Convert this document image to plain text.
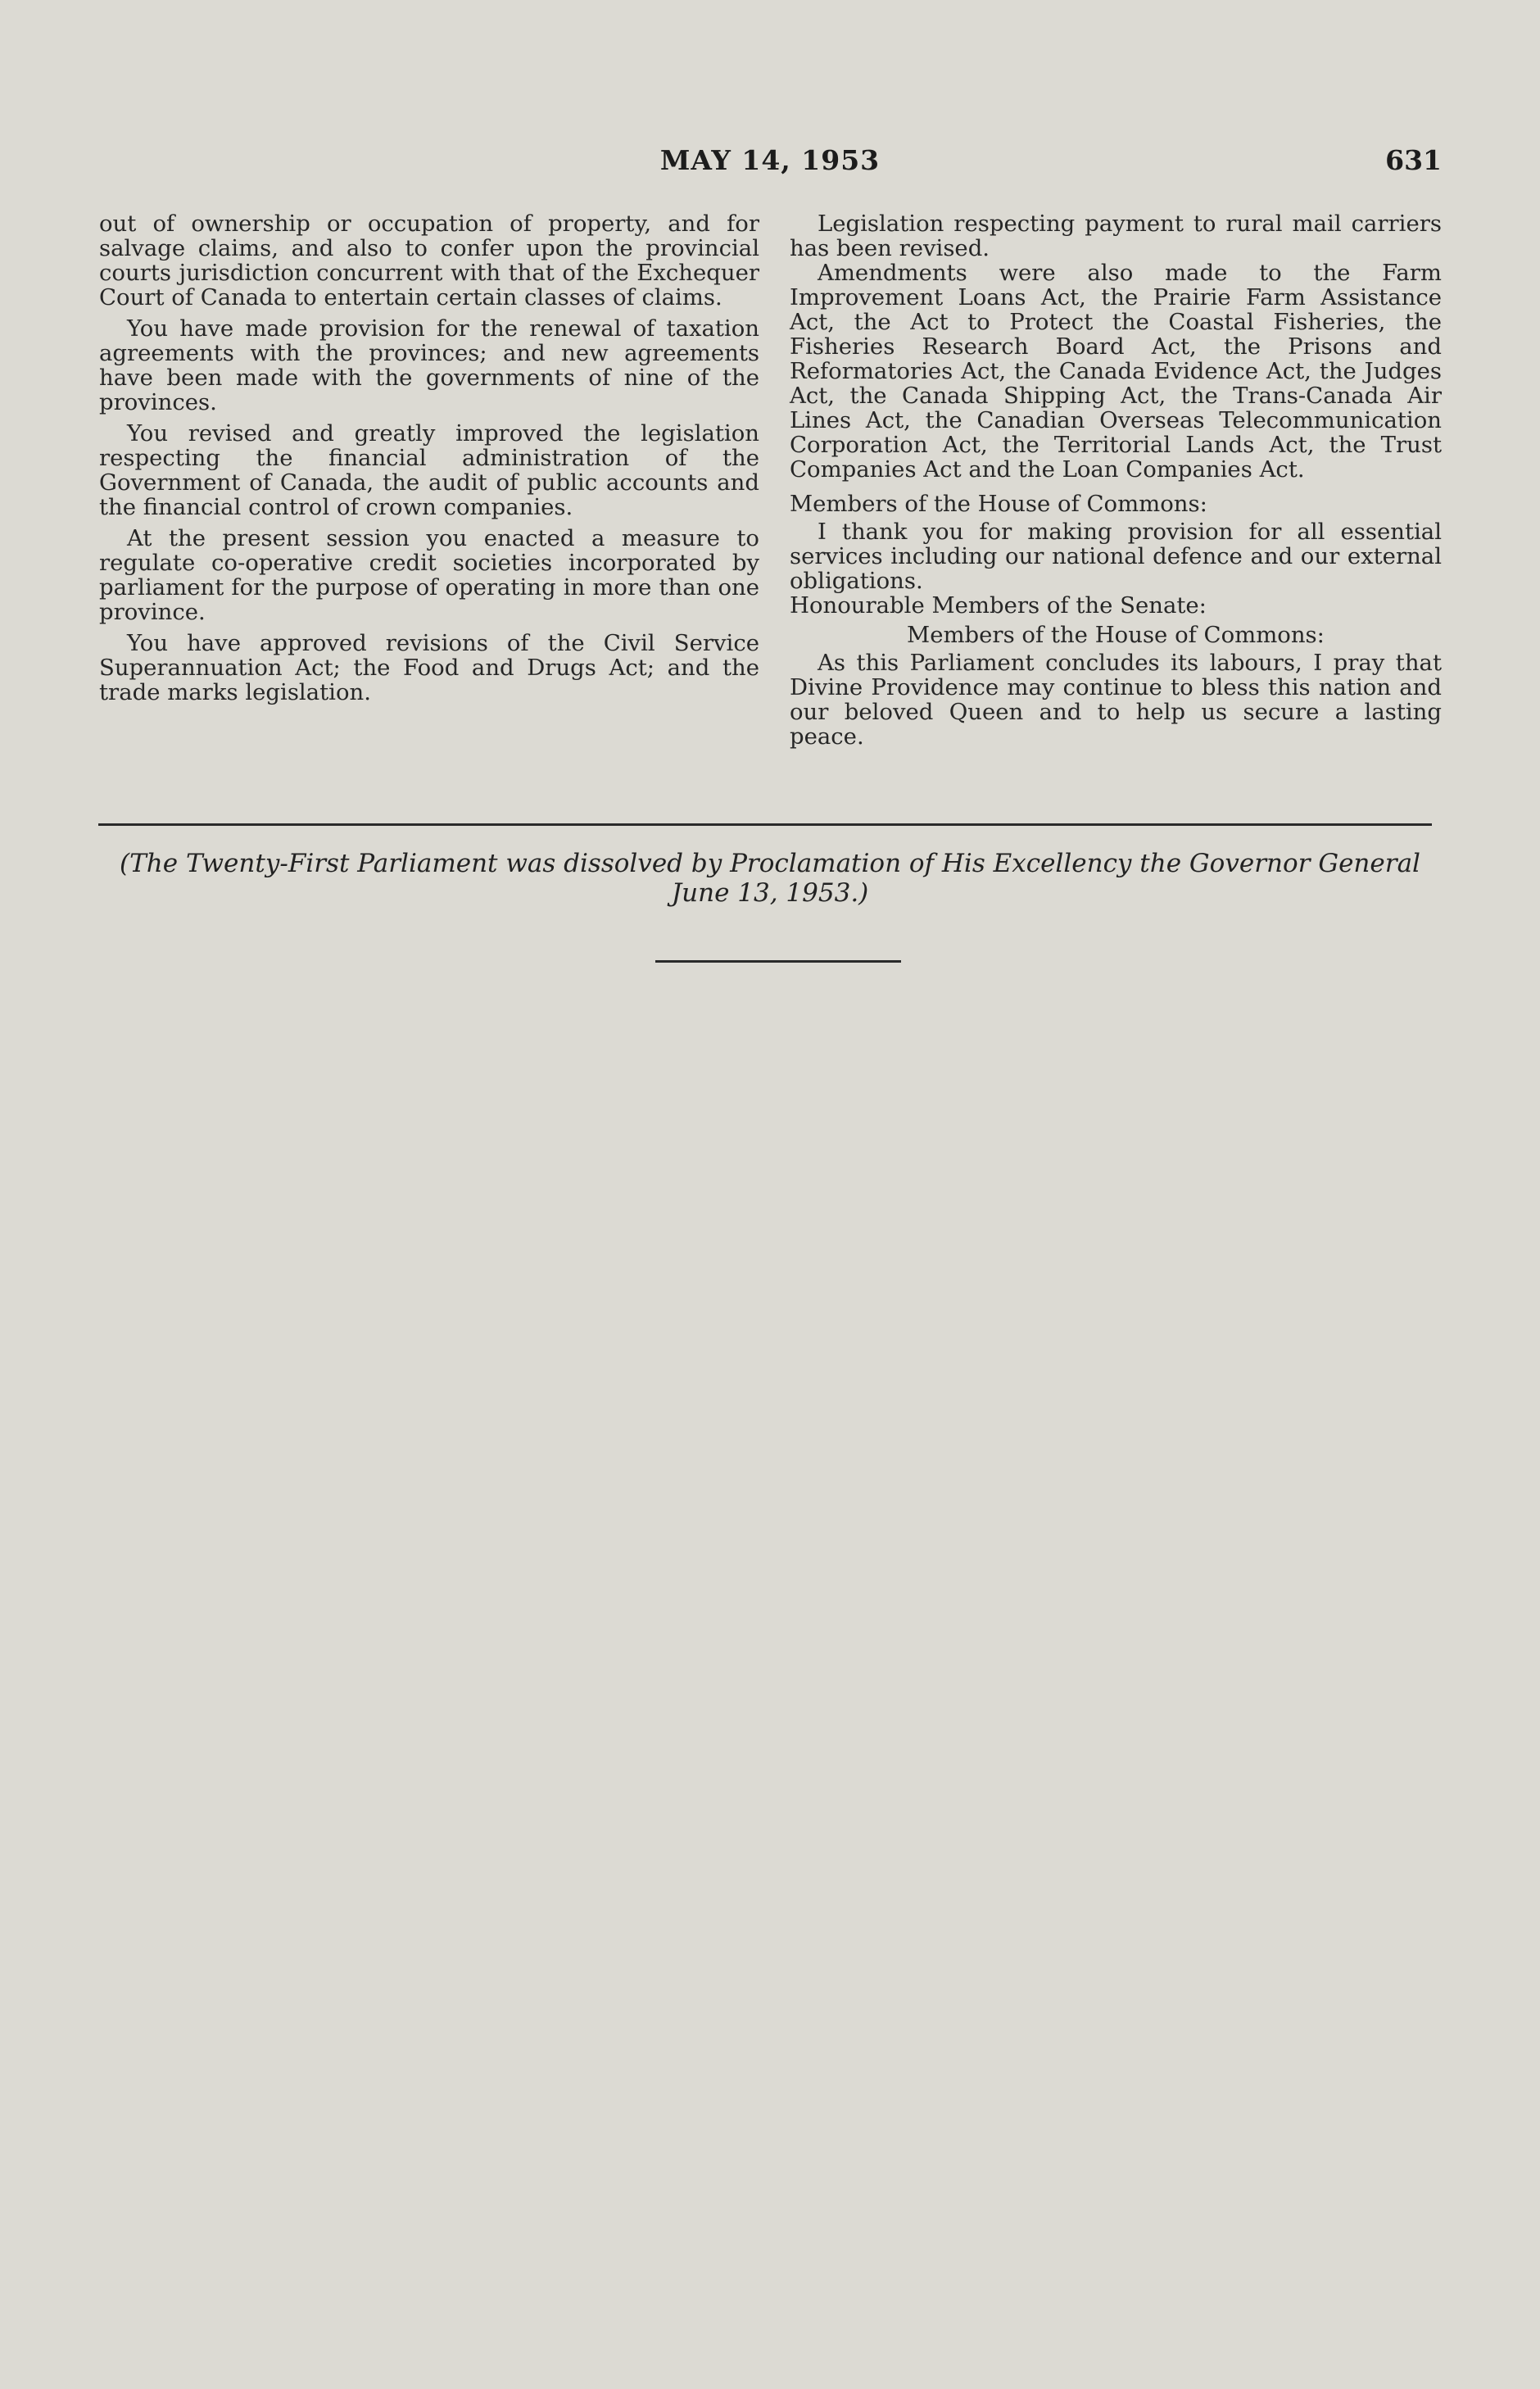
MAY 14, 1953	631

out of ownership or occupation of property, and for salvage claims, and also to confer upon the provincial courts jurisdiction concurrent with that of the Exchequer Court of Canada to entertain certain classes of claims.

You have made provision for the renewal of taxation agreements with the provinces; and new agreements have been made with the governments of nine of the provinces.

You revised and greatly improved the legislation respecting the financial administration of the Government of Canada, the audit of public accounts and the financial control of crown companies.

At the present session you enacted a measure to regulate co-operative credit societies incorporated by parliament for the purpose of operating in more than one province.

You have approved revisions of the Civil Service Superannuation Act; the Food and Drugs Act; and the trade marks legislation.

Legislation respecting payment to rural mail carriers has been revised.

Amendments were also made to the Farm Improvement Loans Act, the Prairie Farm Assistance Act, the Act to Protect the Coastal Fisheries, the Fisheries Research Board Act, the Prisons and Reformatories Act, the Canada Evidence Act, the Judges Act, the Canada Shipping Act, the Trans-Canada Air Lines Act, the Canadian Overseas Telecommunication Corporation Act, the Territorial Lands Act, the Trust Companies Act and the Loan Companies Act.

Members of the House of Commons:

I thank you for making provision for all essential services including our national defence and our external obligations.

Honourable Members of the Senate:

Members of the House of Commons:

As this Parliament concludes its labours, I pray that Divine Providence may continue to bless this nation and our beloved Queen and to help us secure a lasting peace.

(The Twenty-First Parliament was dissolved by Proclamation of His Excellency the Governor General June 13, 1953.)
